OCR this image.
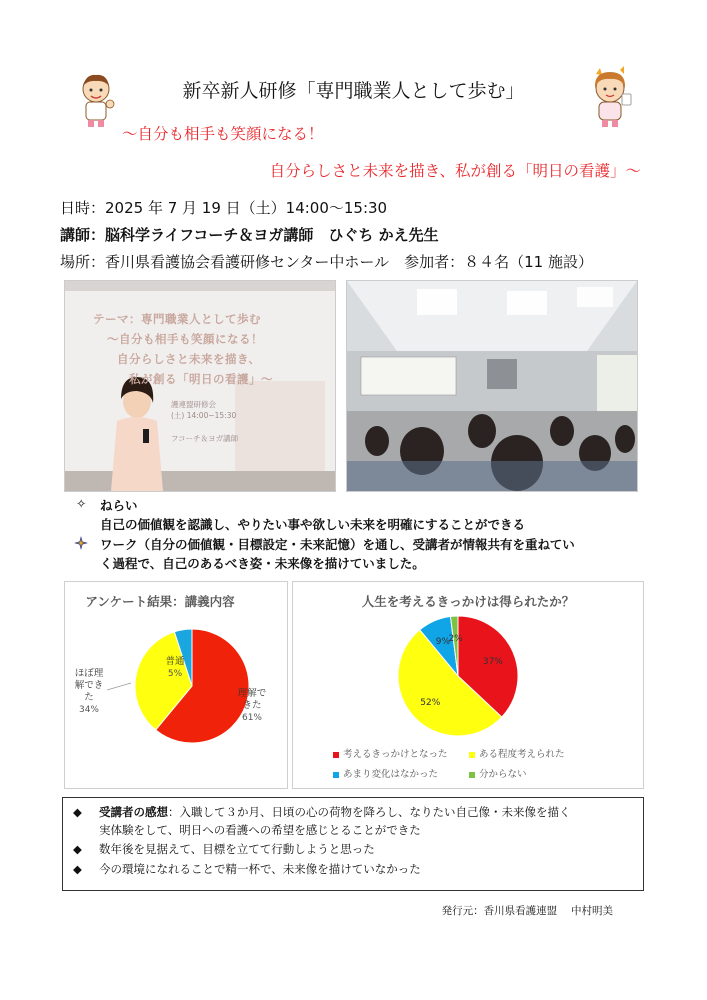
新卒新人研修「専門職業人として歩む」
～自分も相手も笑顔になる！
自分らしさと未来を描き、私が創る「明日の看護」～
日時：2025 年 7 月 19 日（土）14:00～15:30
講師：脳科学ライフコーチ＆ヨガ講師　ひぐち かえ先生
場所：香川県看護協会看護研修センター中ホール　参加者：８４名（11 施設）
テーマ：専門職業人として歩む
～自分も相手も笑顔になる！
自分らしさと未来を描き、
私が創る「明日の看護」～
護連盟研修会
(土) 14:00~15:30
フコーチ＆ヨガ講師
✧ ねらい
自己の価値観を認識し、やりたい事や欲しい未来を明確にすることができる
ワーク（自分の価値観・目標設定・未来記憶）を通し、受講者が情報共有を重ねてい
く過程で、自己のあるべき姿・未来像を描けていました。
アンケート結果：講義内容
理解で
きた
61%
ほぼ理
解でき
た
34%
普通
5%
人生を考えるきっかけは得られたか？
37%
52%
9%
2%
考えるきっかけとなった	ある程度考えられた
あまり変化はなかった	分からない
◆ 受講者の感想：入職して３か月、日頃の心の荷物を降ろし、なりたい自己像・未来像を描く
実体験をして、明日への看護への希望を感じとることができた
◆ 数年後を見据えて、目標を立てて行動しようと思った
◆ 今の環境になれることで精一杯で、未来像を描けていなかった
発行元：香川県看護連盟　 中村明美
